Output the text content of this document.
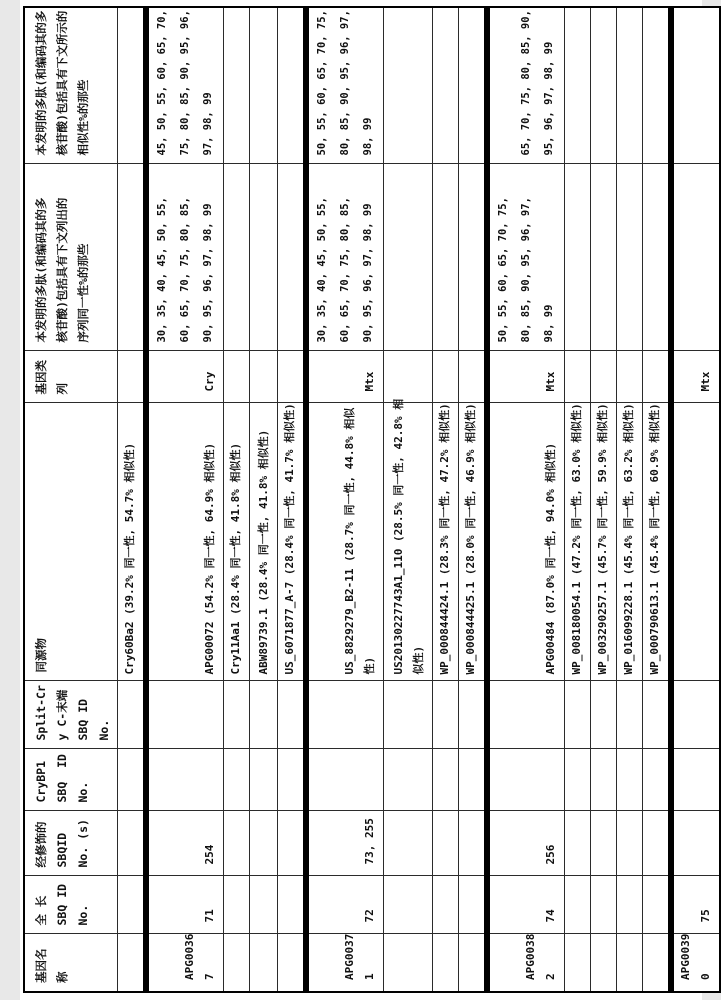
基因名
称	全 长
SBQ ID
No.	经修饰的
SBQID
No. (s)	CryBP1
SBQ  ID
No.	Split-Cr
y C-末端
SBQ ID
No.	同源物	基因类
列	本发明的多肽(和编码其的多
核苷酸)包括具有下文列出的
序列同一性%的那些	本发明的多肽(和编码其的多
核苷酸)包括具有下文所示的
相似性%的那些
					Cry60Ba2 (39.2% 同一性, 54.7% 相似性)			
APG0036
7	71	254			APG00072 (54.2% 同一性, 64.9% 相似性)	Cry	30, 35, 40, 45, 50, 55,
60, 65, 70, 75, 80, 85,
90, 95, 96, 97, 98, 99	45, 50, 55, 60, 65, 70,
75, 80, 85, 90, 95, 96,
97, 98, 99
					Cry11Aa1 (28.4% 同一性, 41.8% 相似性)			
					ABW89739.1 (28.4% 同一性, 41.8% 相似性)			
					US_6071877_A-7 (28.4% 同一性, 41.7% 相似性)			
APG0037
1	72	73, 255			US_8829279_B2-11 (28.7% 同一性, 44.8% 相似
性)	Mtx	30, 35, 40, 45, 50, 55,
60, 65, 70, 75, 80, 85,
90, 95, 96, 97, 98, 99	50, 55, 60, 65, 70, 75,
80, 85, 90, 95, 96, 97,
98, 99
					US20130227743A1_110 (28.5% 同一性, 42.8% 相
似性)			
					WP_000844424.1 (28.3% 同一性, 47.2% 相似性)			
					WP_000844425.1 (28.0% 同一性, 46.9% 相似性)			
APG0038
2	74	256			APG00484 (87.0% 同一性, 94.0% 相似性)	Mtx	50, 55, 60, 65, 70, 75,
80, 85, 90, 95, 96, 97,
98, 99	65, 70, 75, 80, 85, 90,
95, 96, 97, 98, 99
					WP_008180054.1 (47.2% 同一性, 63.0% 相似性)			
					WP_003290257.1 (45.7% 同一性, 59.9% 相似性)			
					WP_016099228.1 (45.4% 同一性, 63.2% 相似性)			
					WP_000790613.1 (45.4% 同一性, 60.9% 相似性)			
APG0039
0	75					Mtx		
